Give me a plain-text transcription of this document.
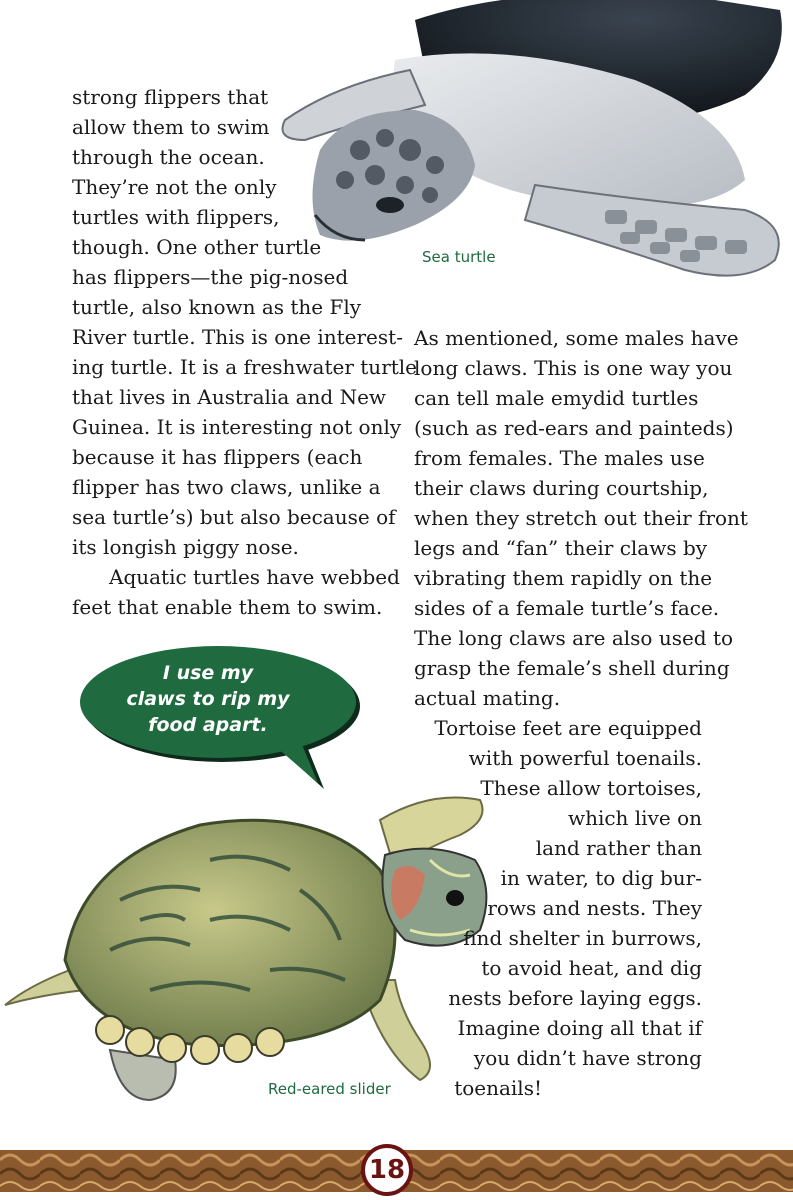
Sea turtle

strong flippers that
allow them to swim
through the ocean.
They’re not the only
turtles with flippers,
though. One other turtle
has flippers—the pig-nosed
turtle, also known as the Fly
River turtle. This is one interest-
ing turtle. It is a freshwater turtle
that lives in Australia and New
Guinea. It is interesting not only
because it has flippers (each
flipper has two claws, unlike a
sea turtle’s) but also because of
its longish piggy nose.

Aquatic turtles have webbed

feet that enable them to swim.

I use my
claws to rip my
food apart.
Red-eared slider

As mentioned, some males have
long claws. This is one way you
can tell male emydid turtles
(such as red-ears and painteds)
from females. The males use
their claws during courtship,
when they stretch out their front
legs and “fan” their claws by
vibrating them rapidly on the
sides of a female turtle’s face.
The long claws are also used to
grasp the female’s shell during
actual mating.

Tortoise feet are equipped
with powerful toenails.
These allow tortoises,
which live on
land rather than
in water, to dig bur-
rows and nests. They
find shelter in burrows,
to avoid heat, and dig
nests before laying eggs.
Imagine doing all that if
you didn’t have strong
toenails!
18
